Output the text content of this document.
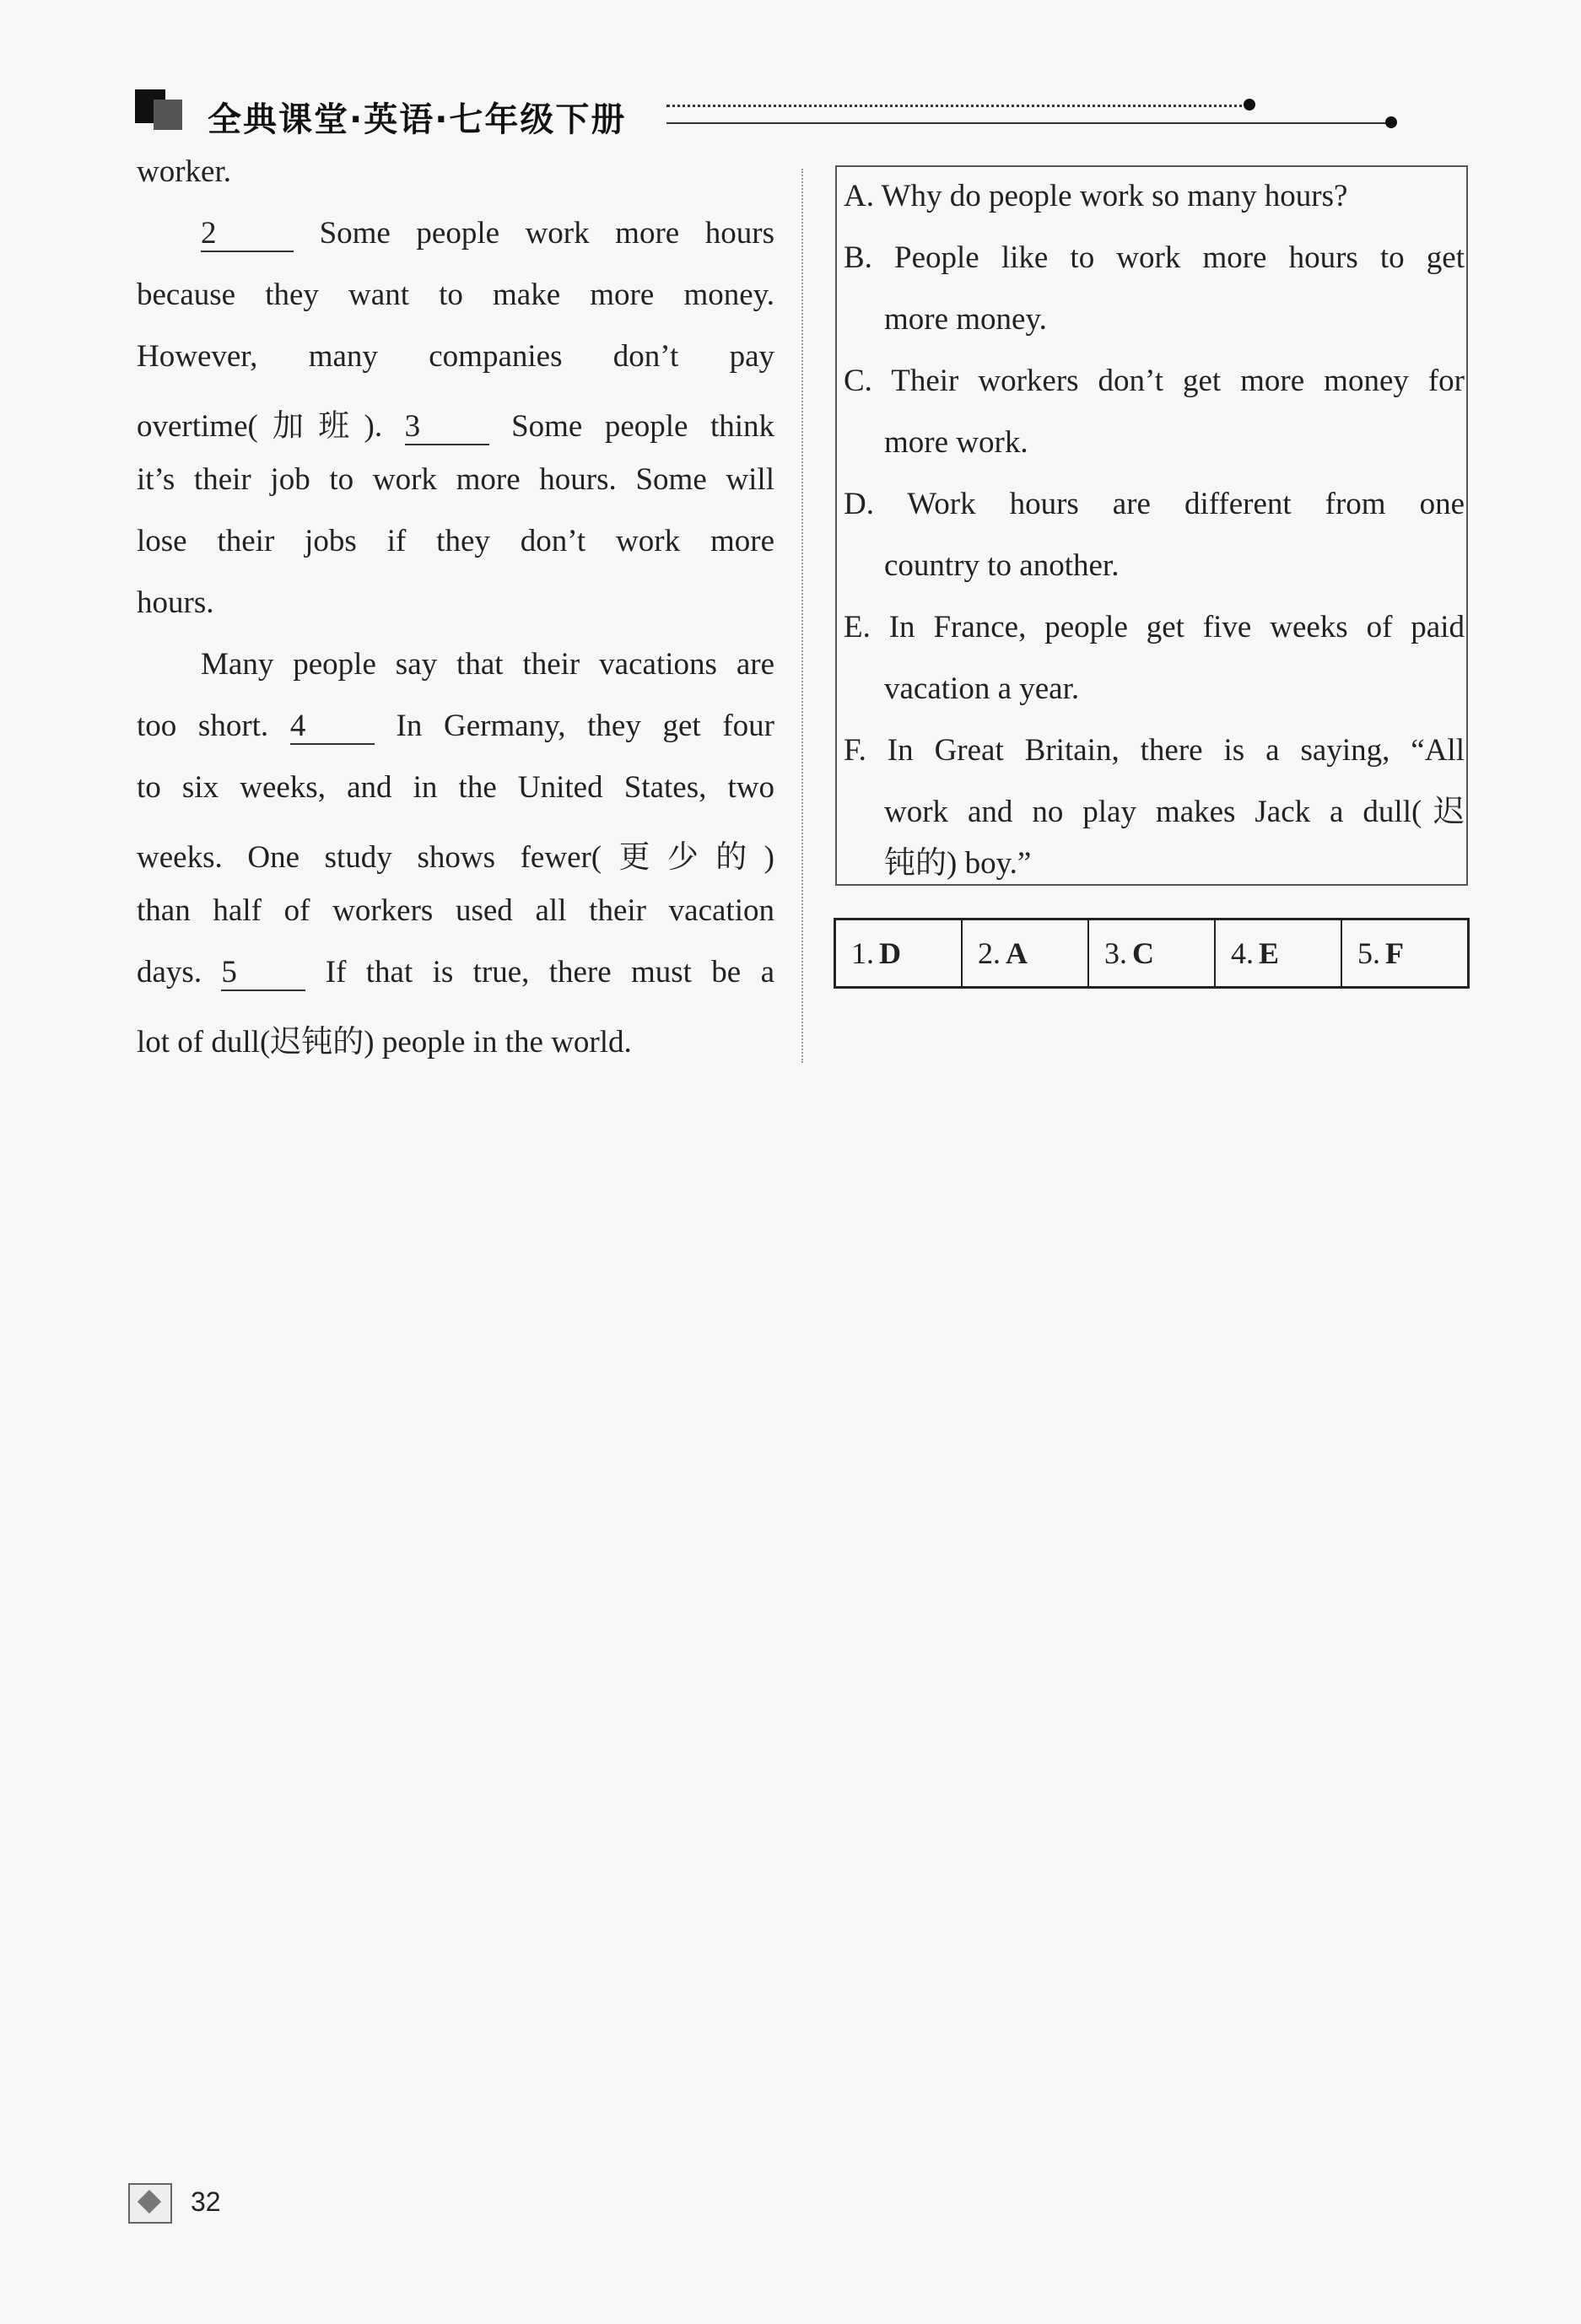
全典课堂·英语·七年级下册
worker.
2	Some people work more hours
because they want to make more money.
However, many companies don’t pay
overtime(加班). 3	Some people think
it’s their job to work more hours. Some will
lose their jobs if they don’t work more
hours.
Many people say that their vacations are
too short. 4	In Germany, they get four
to six weeks, and in the United States, two
weeks. One study shows fewer(更少的)
than half of workers used all their vacation
days. 5	If that is true, there must be a
lot of dull(迟钝的) people in the world.
A. Why do people work so many hours?
B. People like to work more hours to get
more money.
C. Their workers don’t get more money for
more work.
D. Work hours are different from one
country to another.
E. In France, people get five weeks of paid
vacation a year.
F. In Great Britain, there is a saying, “All
work and no play makes Jack a dull(迟
钝的) boy.”
1. D	2. A	3. C	4. E	5. F
32
